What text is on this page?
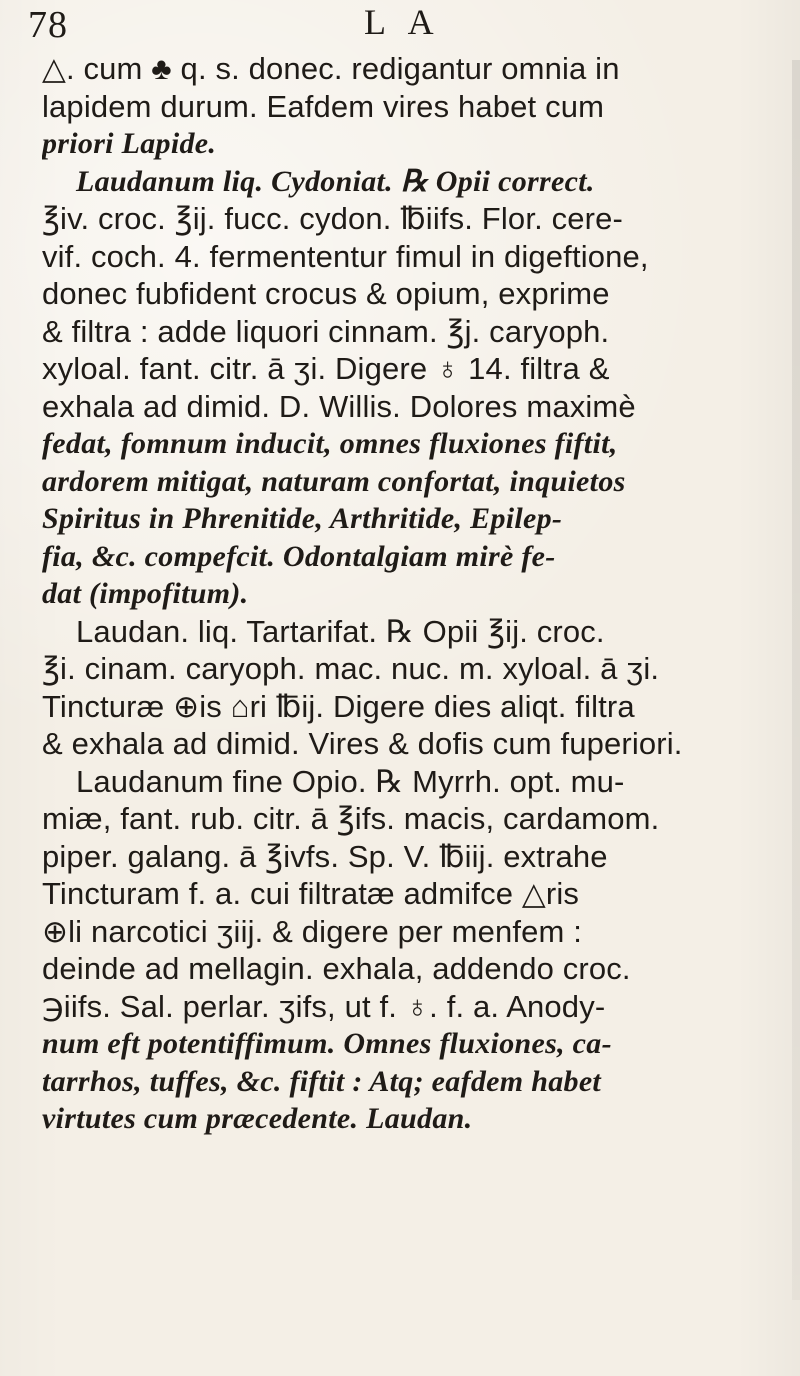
78	L A
△. cum ♣ q. s. donec. redigantur omnia in
lapidem durum. Eafdem vires habet cum
priori Lapide.
Laudanum liq. Cydoniat. ℞ Opii correct.
℥iv. croc. ℥ij. fucc. cydon. ℔iifs. Flor. cere-
vif. coch. 4. fermententur fimul in digeftione,
donec fubfident crocus & opium, exprime
& filtra : adde liquori cinnam. ℥j. caryoph.
xyloal. fant. citr. ā ʒi. Digere ♁ 14. filtra &
exhala ad dimid. D. Willis. Dolores maximè
fedat, fomnum inducit, omnes fluxiones fiftit,
ardorem mitigat, naturam confortat, inquietos
Spiritus in Phrenitide, Arthritide, Epilep-
fia, &c. compefcit. Odontalgiam mirè fe-
dat (impofitum).
Laudan. liq. Tartarifat. ℞ Opii ℥ij. croc.
℥i. cinam. caryoph. mac. nuc. m. xyloal. ā ʒi.
Tincturæ ⊕is ⌂ri ℔ij. Digere dies aliqt. filtra
& exhala ad dimid. Vires & dofis cum fuperiori.
Laudanum fine Opio. ℞ Myrrh. opt. mu-
miæ, fant. rub. citr. ā ℥ifs. macis, cardamom.
piper. galang. ā ℥ivfs. Sp. V. ℔iij. extrahe
Tincturam f. a. cui filtratæ admifce △ris
⊕li narcotici ʒiij. & digere per menfem :
deinde ad mellagin. exhala, addendo croc.
℈iifs. Sal. perlar. ʒifs, ut f. ♁. f. a. Anody-
num eft potentiffimum. Omnes fluxiones, ca-
tarrhos, tuffes, &c. fiftit : Atq; eafdem habet
virtutes cum præcedente. Laudan.
